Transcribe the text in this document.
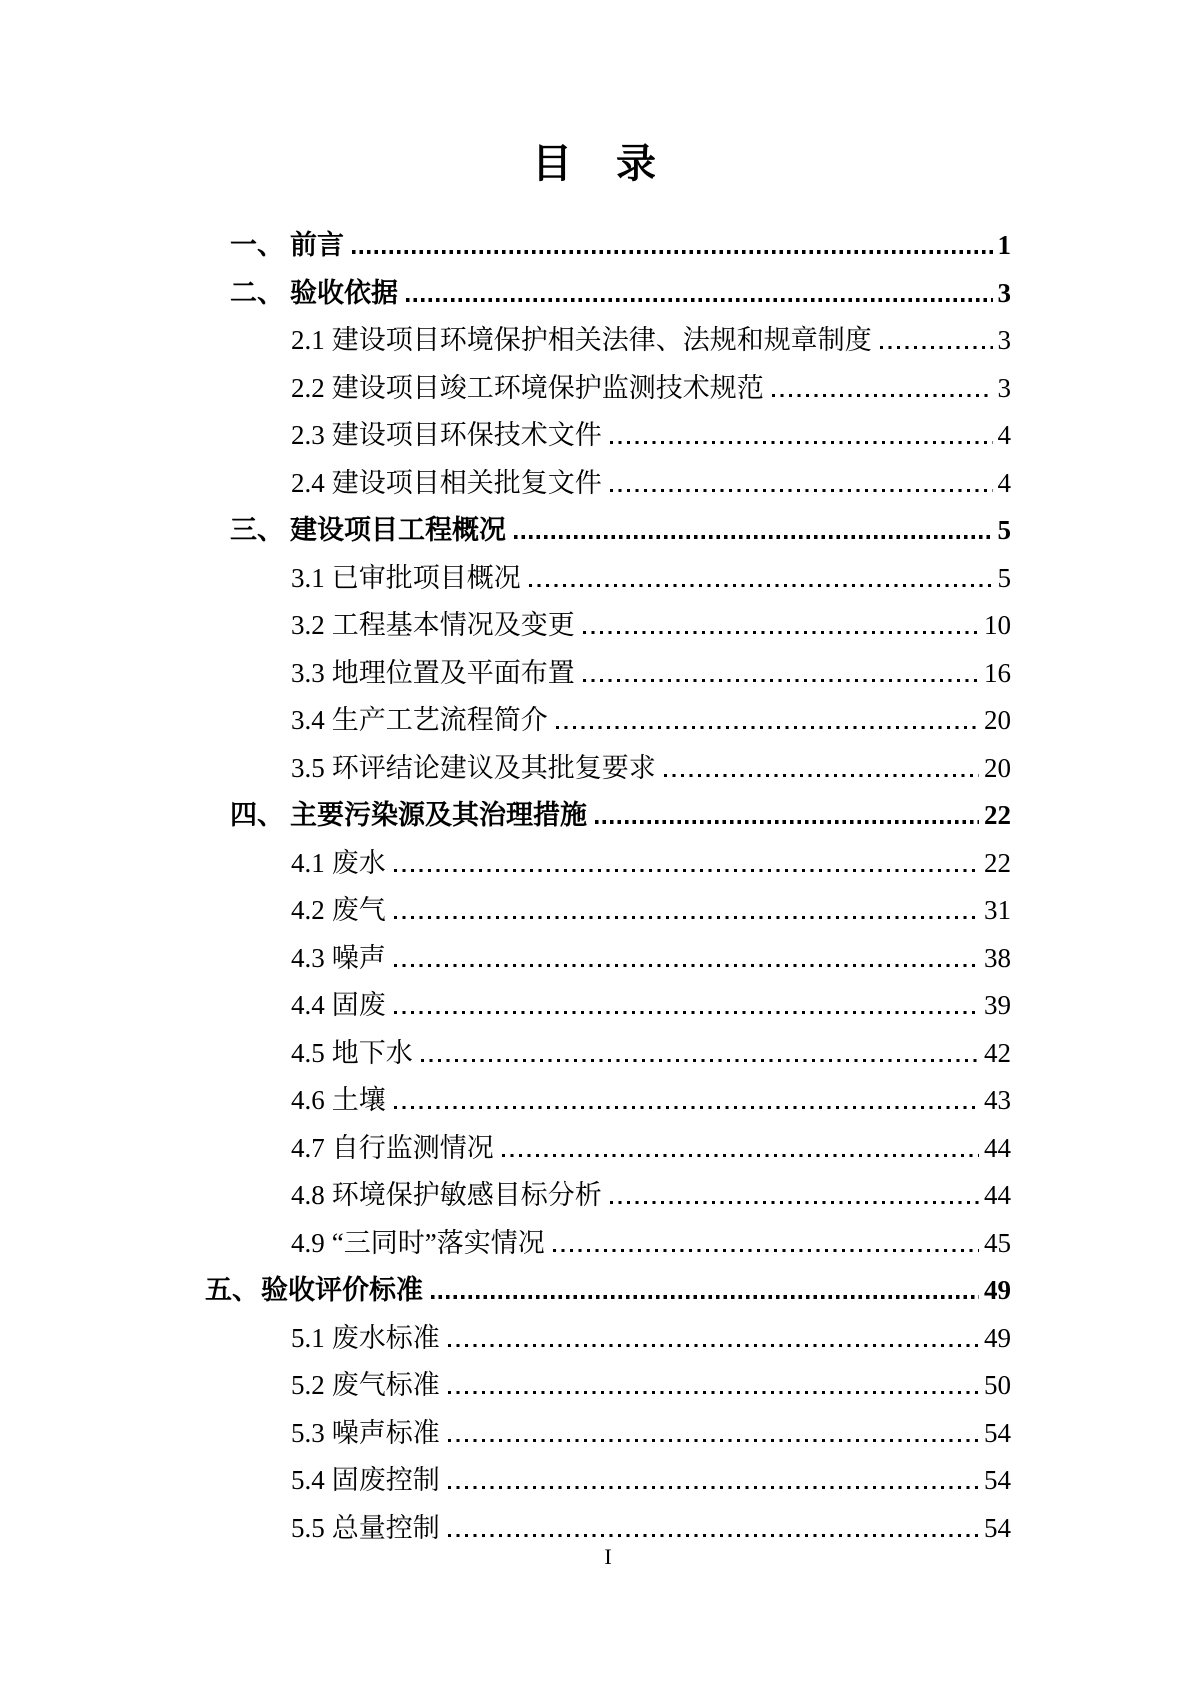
目　录
一、 前言	1
二、 验收依据	3
2.1 建设项目环境保护相关法律、法规和规章制度	3
2.2 建设项目竣工环境保护监测技术规范	3
2.3 建设项目环保技术文件	4
2.4 建设项目相关批复文件	4
三、 建设项目工程概况	5
3.1 已审批项目概况	5
3.2 工程基本情况及变更	10
3.3 地理位置及平面布置	16
3.4 生产工艺流程简介	20
3.5 环评结论建议及其批复要求	20
四、 主要污染源及其治理措施	22
4.1 废水	22
4.2 废气	31
4.3 噪声	38
4.4 固废	39
4.5 地下水	42
4.6 土壤	43
4.7 自行监测情况	44
4.8 环境保护敏感目标分析	44
4.9 “三同时”落实情况	45
五、 验收评价标准	49
5.1 废水标准	49
5.2 废气标准	50
5.3 噪声标准	54
5.4 固废控制	54
5.5 总量控制	54
I
